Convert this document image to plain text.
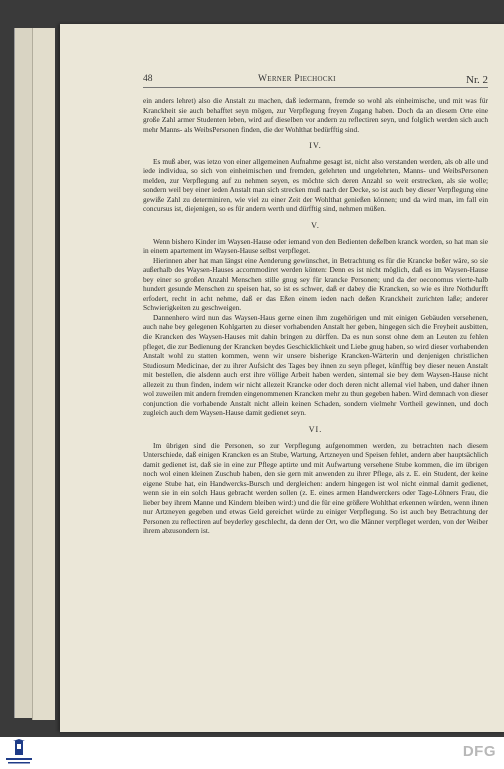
48	Werner Piechocki	Nr. 2

ein anders lehret) also die Anstalt zu machen, daß iedermann, fremde so wohl als einheimische, und mit was für Kranckheit sie auch behafftet seyn mögen, zur Verpflegung freyen Zugang haben. Doch da an diesem Orte eine große Zahl armer Studenten leben, wird auf dieselben vor andern zu reflectiren seyn, und folglich werden sich auch mehr Manns- als WeibsPersonen finden, die der Wohlthat bedürfftig sind.

IV.

Es muß aber, was ietzo von einer allgemeinen Aufnahme gesagt ist, nicht also verstanden werden, als ob alle und iede individua, so sich von einheimischen und fremden, gelehrten und ungelehrten, Manns- und WeibsPersonen melden, zur Verpflegung auf zu nehmen seyen, es möchte sich deren Anzahl so weit erstrecken, als sie wolle; sondern weil bey einer ieden Anstalt man sich strecken muß nach der Decke, so ist auch bey dieser Verpflegung eine gewiße Zahl zu determiniren, wie viel zu einer Zeit der Wohlthat genießen können; und da wird man, im fall ein concursus ist, diejenigen, so es für andern werth und dürfftig sind, nehmen müßen.

V.

Wenn bishero Kinder im Waysen-Hause oder iemand von den Bedienten deßelben kranck worden, so hat man sie in einem apartement im Waysen-Hause selbst verpfleget.

Hierinnen aber hat man längst eine Aenderung gewünschet, in Betrachtung es für die Krancke beßer wäre, so sie außerhalb des Waysen-Hauses accommodiret werden könten: Denn es ist nicht möglich, daß es im Waysen-Hause bey einer so großen Anzahl Menschen stille gnug sey für krancke Personen; und da der oeconomus vierte-halb hundert gesunde Menschen zu speisen hat, so ist es schwer, daß er dabey die Krancken, so wie es ihre Nothdurfft erfodert, recht in acht nehme, daß er das Eßen einem ieden nach deßen Kranckheit zurichten laße; anderer Schwierigkeiten zu geschweigen.

Dannenhero wird nun das Waysen-Haus gerne einen ihm zugehörigen und mit einigen Gebäuden versehenen, auch nahe bey gelegenen Kohlgarten zu dieser vorhabenden Anstalt her geben, hingegen sich die Freyheit ausbitten, die Krancken des Waysen-Hauses mit dahin bringen zu dürffen. Da es nun sonst ohne dem an Leuten zu fehlen pfleget, die zur Bedienung der Krancken beydes Geschicklichkeit und Liebe gnug haben, so wird dieser vorhabenden Anstalt wohl zu statten kommen, wenn wir unsere bisherige Krancken-Wärterin und denjenigen christlichen Studiosum Medicinae, der zu ihrer Aufsicht des Tages bey ihnen zu seyn pfleget, künfftig bey dieser neuen Anstalt mit bestellen, die alsdenn auch erst ihre völlige Arbeit haben werden, sintemal sie bey dem Waysen-Hause nicht allezeit zu thun finden, indem wir nicht allezeit Krancke oder doch deren nicht allemal viel haben, und daher ihnen wol zuweilen mit andern fremden eingenommenen Krancken mehr zu thun gegeben haben. Wird demnach von dieser conjunction die vorhabende Anstalt nicht allein keinen Schaden, sondern vielmehr Vortheil gewinnen, und doch zugleich auch dem Waysen-Hause damit gedienet seyn.

VI.

Im übrigen sind die Personen, so zur Verpflegung aufgenommen werden, zu betrachten nach diesem Unterschiede, daß einigen Krancken es an Stube, Wartung, Artzneyen und Speisen fehlet, andern aber hauptsächlich damit gedienet ist, daß sie in eine zur Pflege aptirte und mit Aufwartung versehene Stube kommen, die im übrigen noch wol einen kleinen Zuschub haben, den sie gern mit anwenden zu ihrer Pflege, als z. E. ein Student, der keine eigene Stube hat, ein Handwercks-Bursch und dergleichen: andern hingegen ist wol nicht einmal damit gedienet, wenn sie in ein solch Haus gebracht werden sollen (z. E. eines armen Handwerckers oder Tage-Löhners Frau, die lieber bey ihrem Manne und Kindern bleiben wird:) und die für eine größere Wohlthat erkennen würden, wenn ihnen nur Artzneyen gegeben und etwas Geld gereichet würde zu einiger Verpflegung. So ist auch bey Betrachtung der Personen zu reflectiren auf beyderley geschlecht, da denn der Ort, wo die Männer verpfleget werden, von der Weiber ihrem abzusondern ist.

DFG
